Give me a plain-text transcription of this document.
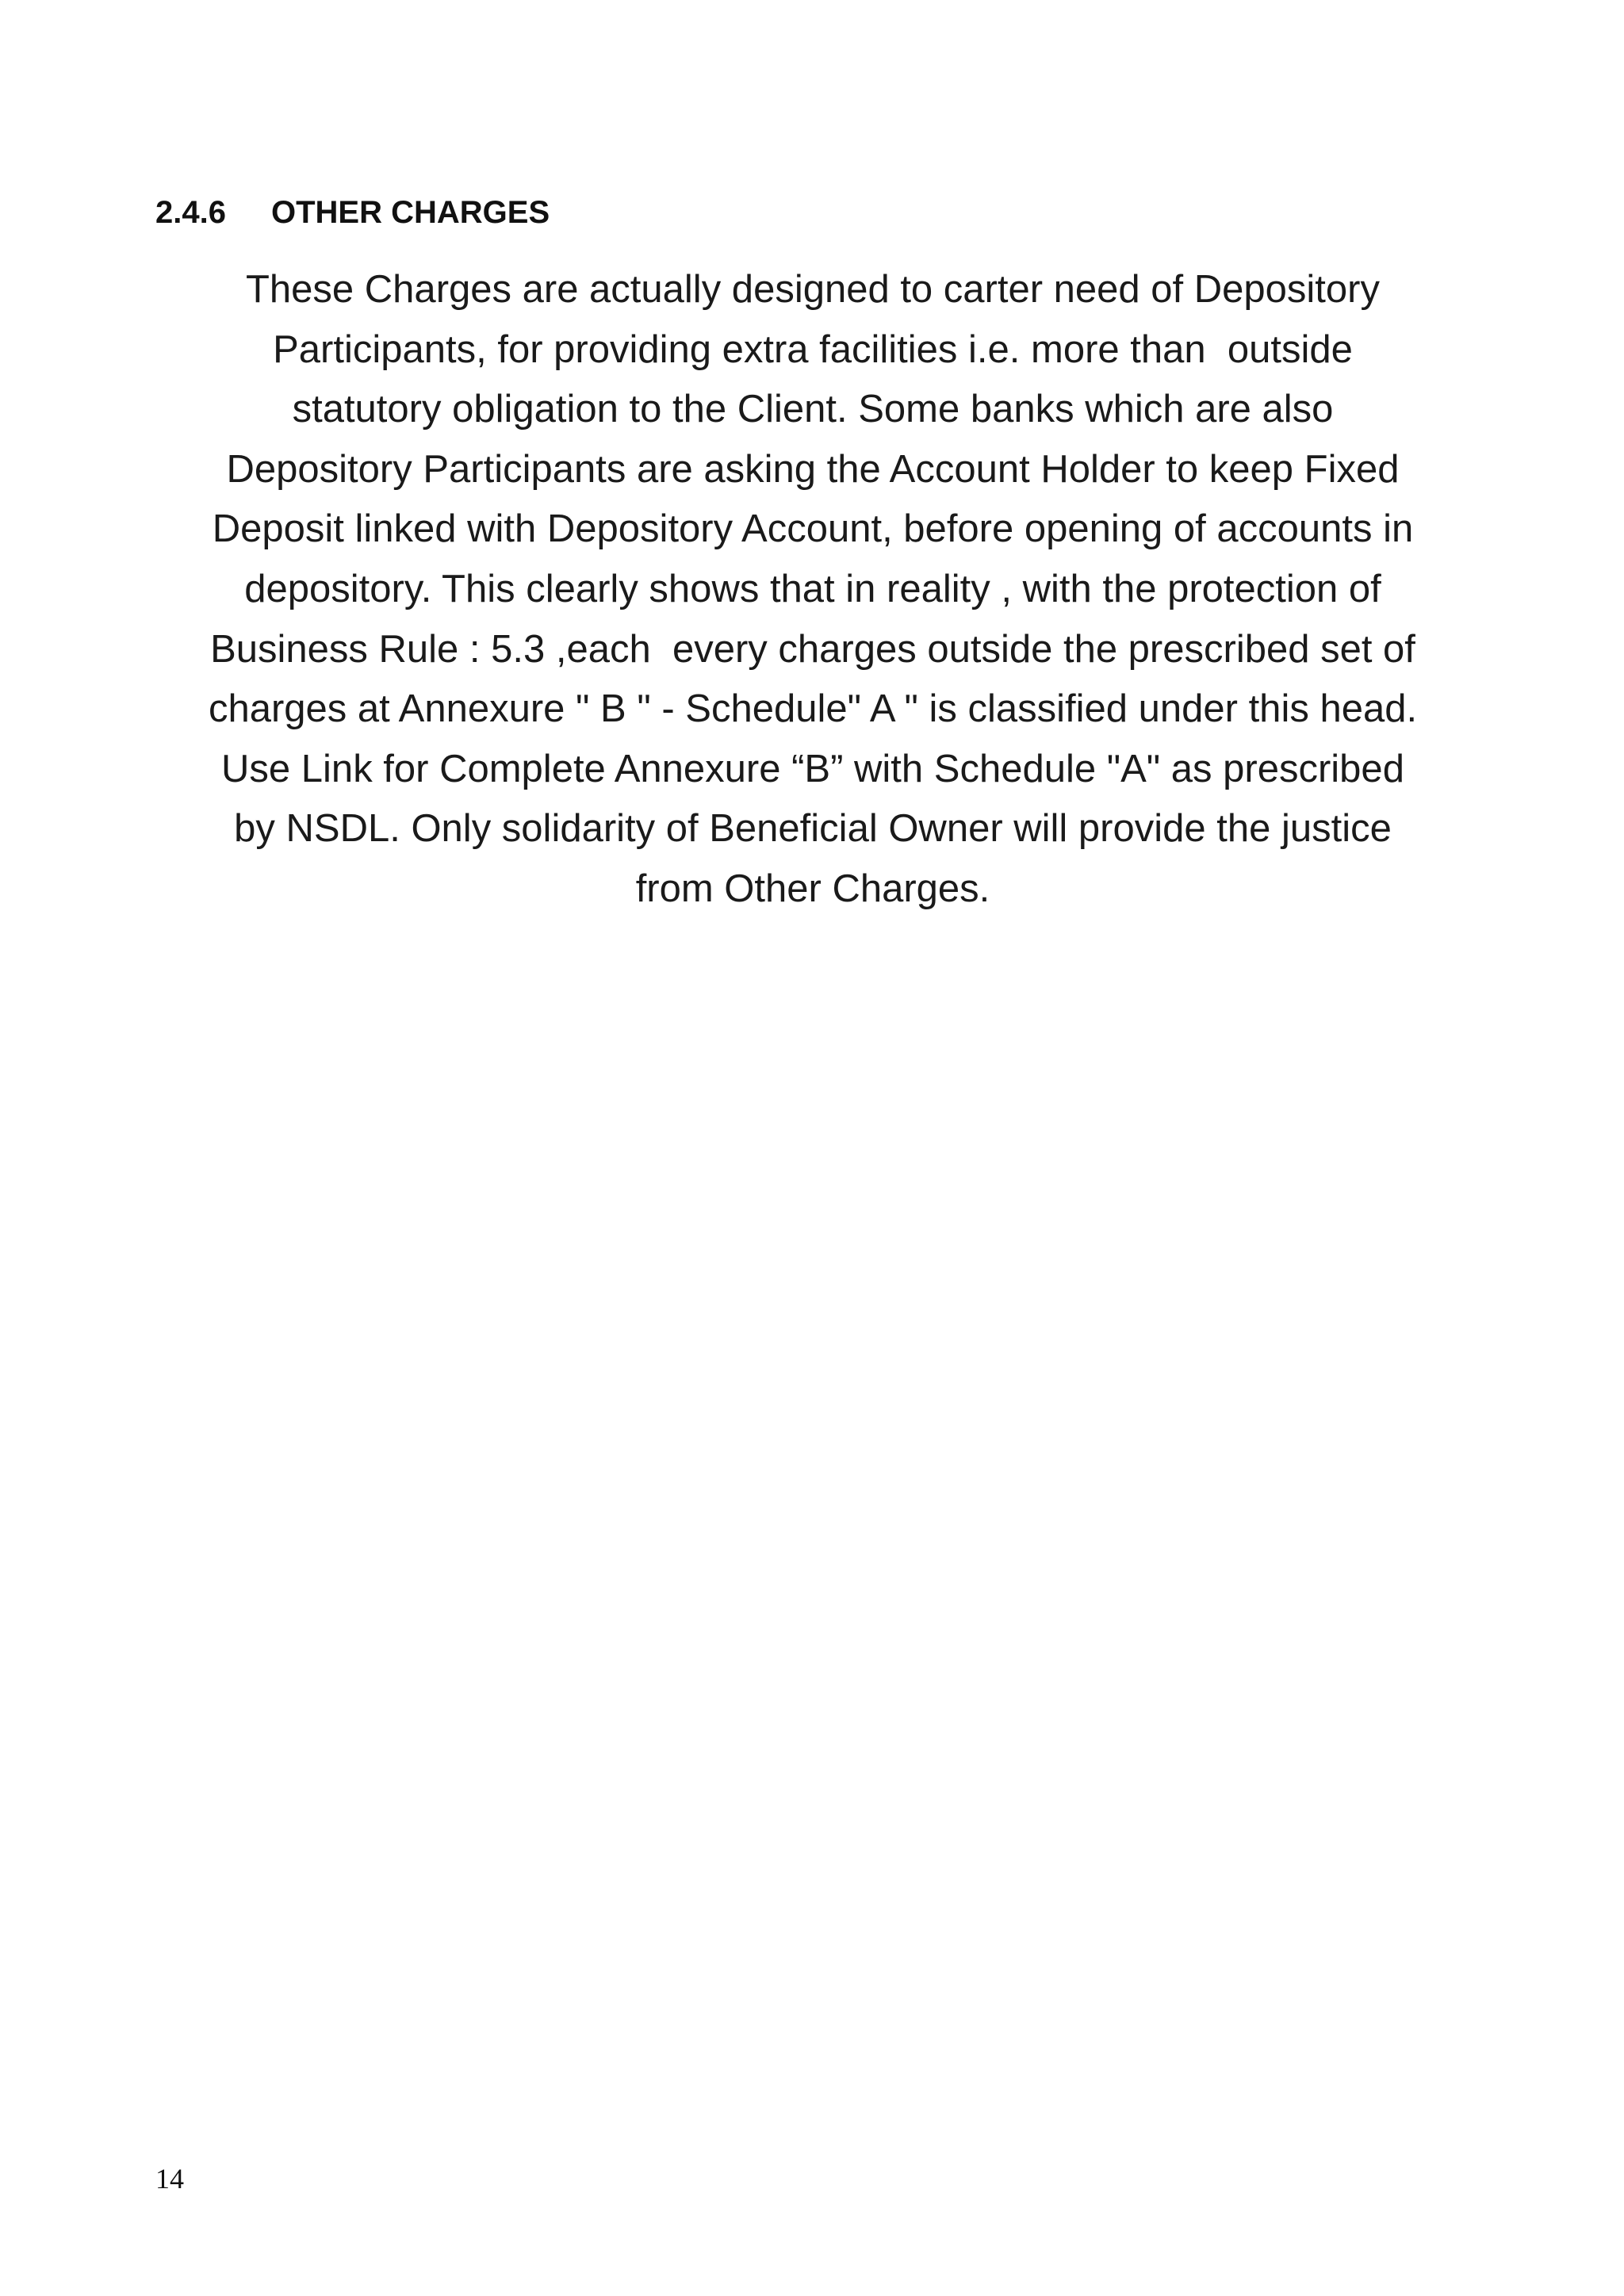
2.4.6 OTHER CHARGES

These Charges are actually designed to carter need of Depository
Participants, for providing extra facilities i.e. more than  outside
statutory obligation to the Client. Some banks which are also
Depository Participants are asking the Account Holder to keep Fixed
Deposit linked with Depository Account, before opening of accounts in
depository. This clearly shows that in reality , with the protection of
Business Rule : 5.3 ,each  every charges outside the prescribed set of
charges at Annexure " B " - Schedule" A " is classified under this head.
Use Link for Complete Annexure “B” with Schedule "A" as prescribed
by NSDL. Only solidarity of Beneficial Owner will provide the justice
from Other Charges.

14
